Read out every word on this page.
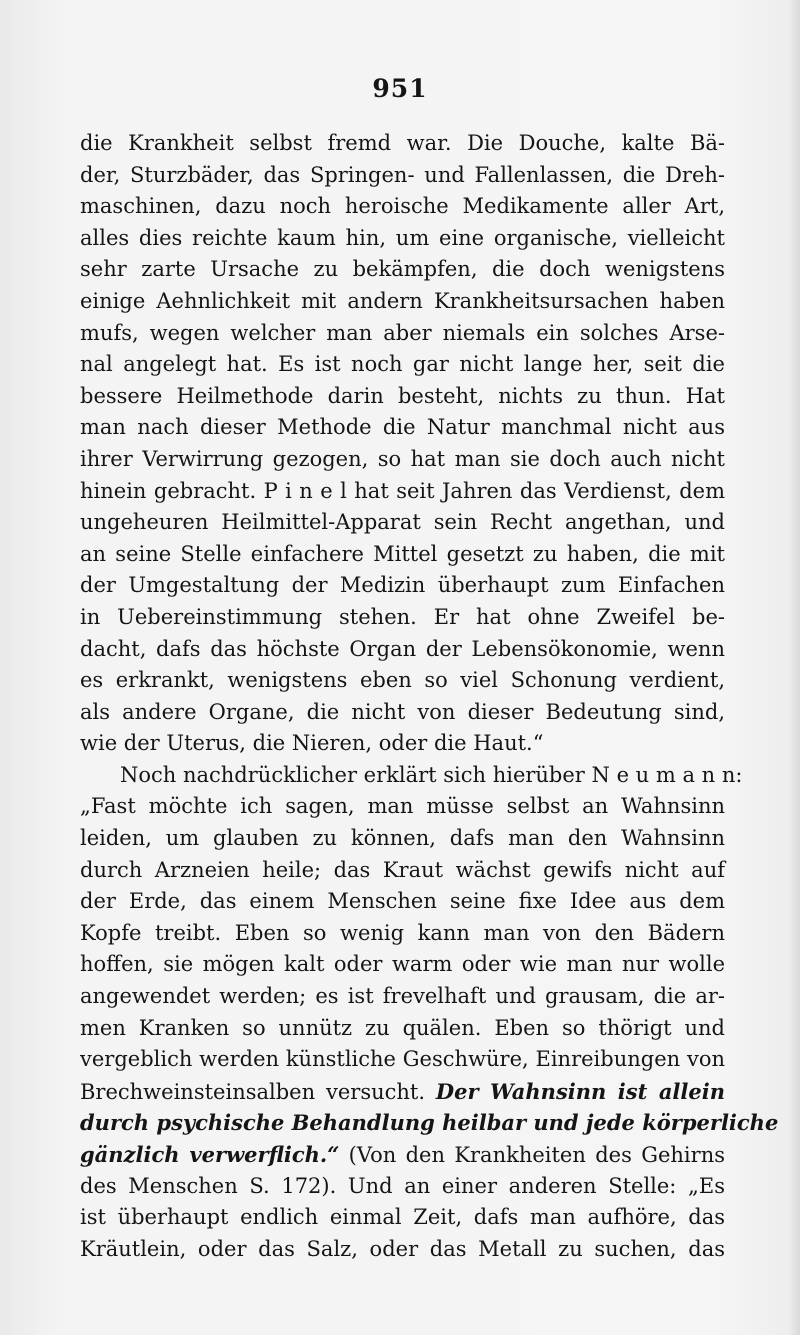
951
die Krankheit selbst fremd war. Die Douche, kalte Bä-
der, Sturzbäder, das Springen- und Fallenlassen, die Dreh-
maschinen, dazu noch heroische Medikamente aller Art,
alles dies reichte kaum hin, um eine organische, vielleicht
sehr zarte Ursache zu bekämpfen, die doch wenigstens
einige Aehnlichkeit mit andern Krankheitsursachen haben
mufs, wegen welcher man aber niemals ein solches Arse-
nal angelegt hat. Es ist noch gar nicht lange her, seit die
bessere Heilmethode darin besteht, nichts zu thun. Hat
man nach dieser Methode die Natur manchmal nicht aus
ihrer Verwirrung gezogen, so hat man sie doch auch nicht
hinein gebracht. P i n e l hat seit Jahren das Verdienst, dem
ungeheuren Heilmittel-Apparat sein Recht angethan, und
an seine Stelle einfachere Mittel gesetzt zu haben, die mit
der Umgestaltung der Medizin überhaupt zum Einfachen
in Uebereinstimmung stehen. Er hat ohne Zweifel be-
dacht, dafs das höchste Organ der Lebensökonomie, wenn
es erkrankt, wenigstens eben so viel Schonung verdient,
als andere Organe, die nicht von dieser Bedeutung sind,
wie der Uterus, die Nieren, oder die Haut.“
Noch nachdrücklicher erklärt sich hierüber N e u m a n n:
„Fast möchte ich sagen, man müsse selbst an Wahnsinn
leiden, um glauben zu können, dafs man den Wahnsinn
durch Arzneien heile; das Kraut wächst gewifs nicht auf
der Erde, das einem Menschen seine fixe Idee aus dem
Kopfe treibt. Eben so wenig kann man von den Bädern
hoffen, sie mögen kalt oder warm oder wie man nur wolle
angewendet werden; es ist frevelhaft und grausam, die ar-
men Kranken so unnütz zu quälen. Eben so thörigt und
vergeblich werden künstliche Geschwüre, Einreibungen von
Brechweinsteinsalben versucht. Der Wahnsinn ist allein
durch psychische Behandlung heilbar und jede körperliche
gänzlich verwerflich.“ (Von den Krankheiten des Gehirns
des Menschen S. 172). Und an einer anderen Stelle: „Es
ist überhaupt endlich einmal Zeit, dafs man aufhöre, das
Kräutlein, oder das Salz, oder das Metall zu suchen, das
